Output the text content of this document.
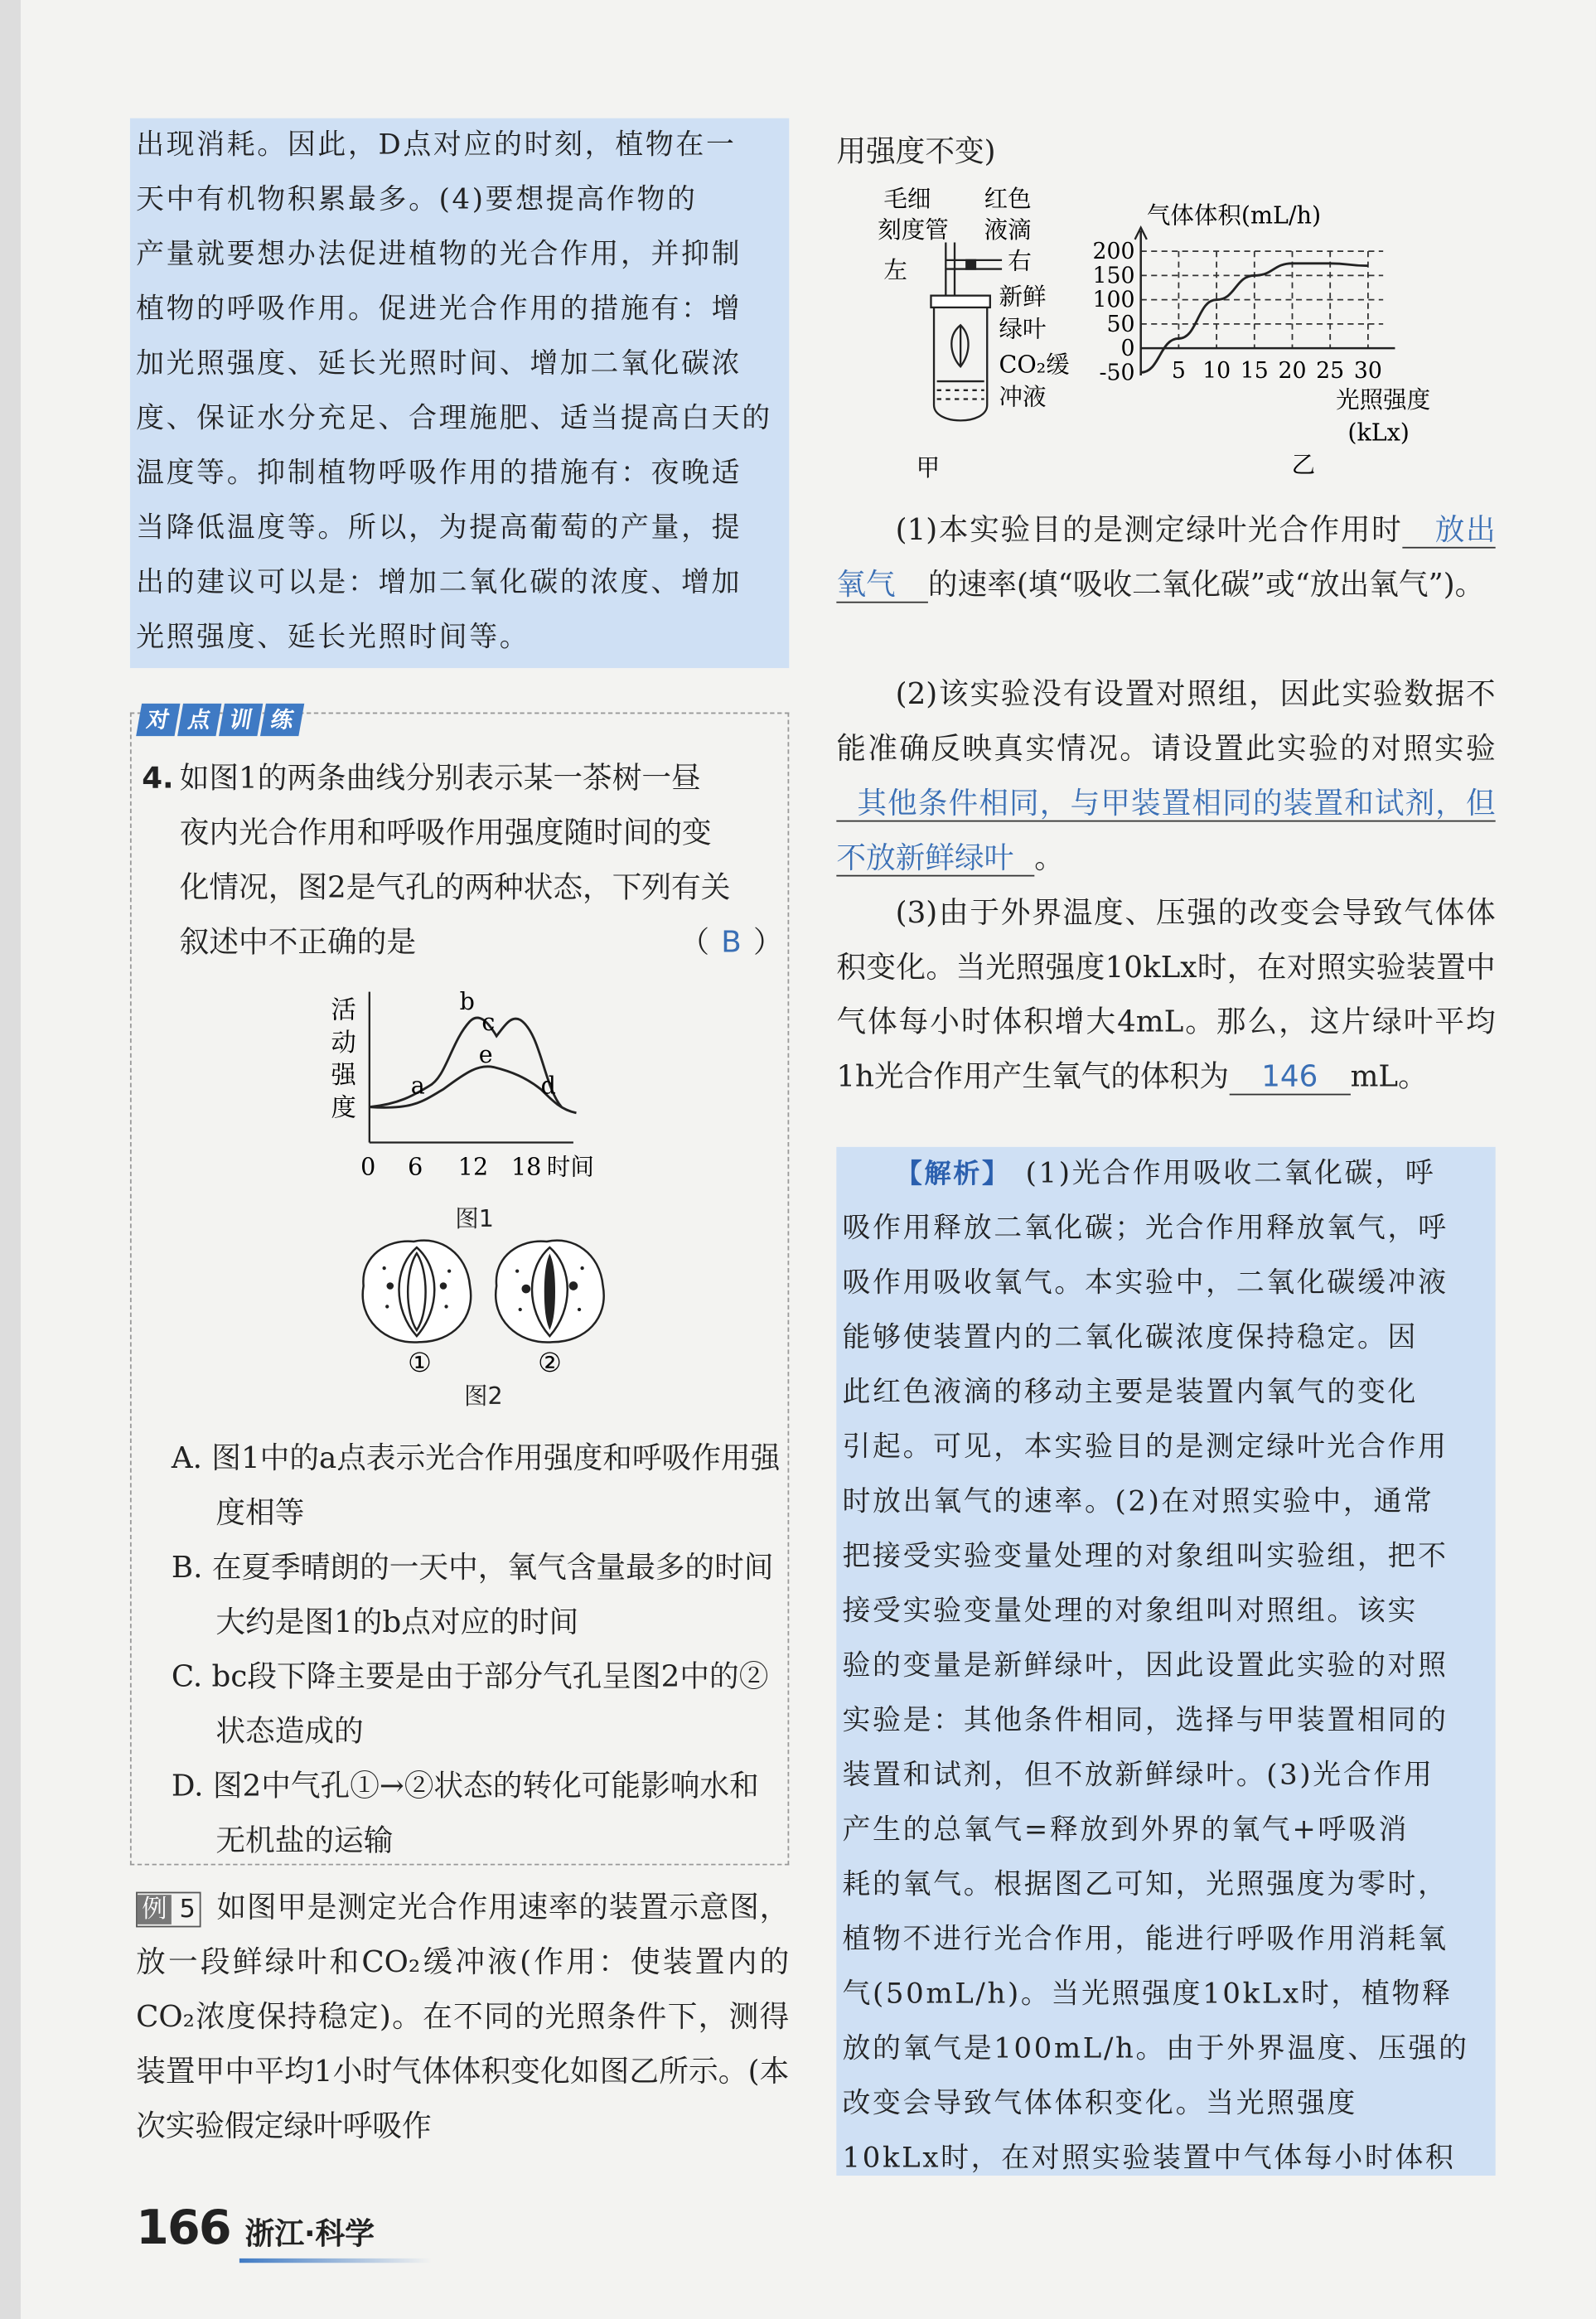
出现消耗。因此，D点对应的时刻，植物在一

天中有机物积累最多。(4)要想提高作物的

产量就要想办法促进植物的光合作用，并抑制

植物的呼吸作用。促进光合作用的措施有：增

加光照强度、延长光照时间、增加二氧化碳浓

度、保证水分充足、合理施肥、适当提高白天的

温度等。抑制植物呼吸作用的措施有：夜晚适

当降低温度等。所以，为提高葡萄的产量，提

出的建议可以是：增加二氧化碳的浓度、增加

光照强度、延长光照时间等。

对	点	训	练
4. 如图1的两条曲线分别表示某一茶树一昼
夜内光合作用和呼吸作用强度随时间的变
化情况，图2是气孔的两种状态，下列有关
叙述中不正确的是	（ B ）
活
动
强
度
a
b
c
e
d
0 6	12 18 时间
图1
①	②
图2
A. 图1中的a点表示光合作用强度和呼吸作用强度相等
B. 在夏季晴朗的一天中，氧气含量最多的时间大约是图1的b点对应的时间
C. bc段下降主要是由于部分气孔呈图2中的②状态造成的
D. 图2中气孔①→②状态的转化可能影响水和无机盐的运输
例 5 如图甲是测定光合作用速率的装置示意图，放一段鲜绿叶和CO₂缓冲液(作用：使装置内的CO₂浓度保持稳定)。在不同的光照条件下，测得装置甲中平均1小时气体体积变化如图乙所示。(本次实验假定绿叶呼吸作
用强度不变)
毛细
刻度管
红色
液滴
左	右
新鲜
绿叶
CO₂缓
冲液
甲
气体体积(mL/h)
光照强度
(kLx)
乙
-50
0
50
100
150
200
5 10 15 20 25 30
(1)本实验目的是测定绿叶光合作用时 放出氧气 的速率(填“吸收二氧化碳”或“放出氧气”)。
(2)该实验没有设置对照组，因此实验数据不能准确反映真实情况。请设置此实验的对照实验其他条件相同，与甲装置相同的装置和试剂，但不放新鲜绿叶 。
(3)由于外界温度、压强的改变会导致气体体积变化。当光照强度10kLx时，在对照实验装置中气体每小时体积增大4mL。那么，这片绿叶平均1h光合作用产生氧气的体积为 146 mL。

【解析】 (1)光合作用吸收二氧化碳，呼

吸作用释放二氧化碳；光合作用释放氧气，呼

吸作用吸收氧气。本实验中，二氧化碳缓冲液

能够使装置内的二氧化碳浓度保持稳定。因

此红色液滴的移动主要是装置内氧气的变化

引起。可见，本实验目的是测定绿叶光合作用

时放出氧气的速率。(2)在对照实验中，通常

把接受实验变量处理的对象组叫实验组，把不

接受实验变量处理的对象组叫对照组。该实

验的变量是新鲜绿叶，因此设置此实验的对照

实验是：其他条件相同，选择与甲装置相同的

装置和试剂，但不放新鲜绿叶。(3)光合作用

产生的总氧气=释放到外界的氧气+呼吸消

耗的氧气。根据图乙可知，光照强度为零时，

植物不进行光合作用，能进行呼吸作用消耗氧

气(50mL/h)。当光照强度10kLx时，植物释

放的氧气是100mL/h。由于外界温度、压强的

改变会导致气体体积变化。当光照强度

10kLx时，在对照实验装置中气体每小时体积

166 浙江·科学
